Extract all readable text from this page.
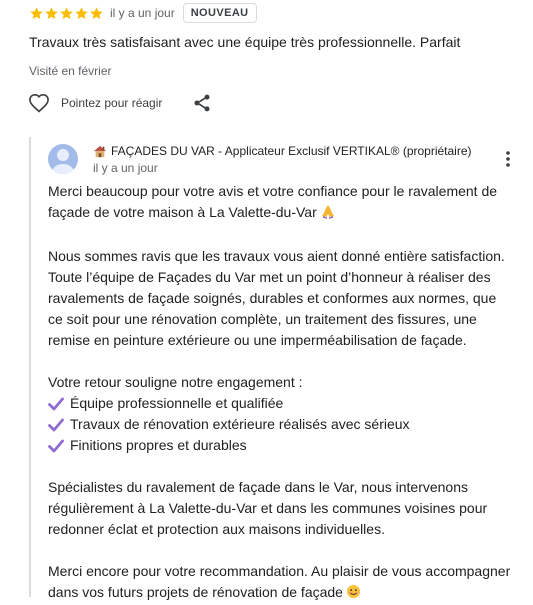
il y a un jour	NOUVEAU
Travaux très satisfaisant avec une équipe très professionnelle. Parfait
Visité en février
Pointez pour réagir
FAÇADES DU VAR - Applicateur Exclusif VERTIKAL® (propriétaire)
il y a un jour

Merci beaucoup pour votre avis et votre confiance pour le ravalement de façade de votre maison à La Valette-du-Var

Nous sommes ravis que les travaux vous aient donné entière satisfaction. Toute l’équipe de Façades du Var met un point d’honneur à réaliser des ravalements de façade soignés, durables et conformes aux normes, que ce soit pour une rénovation complète, un traitement des fissures, une remise en peinture extérieure ou une imperméabilisation de façade.

Votre retour souligne notre engagement :

Équipe professionnelle et qualifiée
Travaux de rénovation extérieure réalisés avec sérieux
Finitions propres et durables

Spécialistes du ravalement de façade dans le Var, nous intervenons régulièrement à La Valette-du-Var et dans les communes voisines pour redonner éclat et protection aux maisons individuelles.

Merci encore pour votre recommandation. Au plaisir de vous accompagner dans vos futurs projets de rénovation de façade
